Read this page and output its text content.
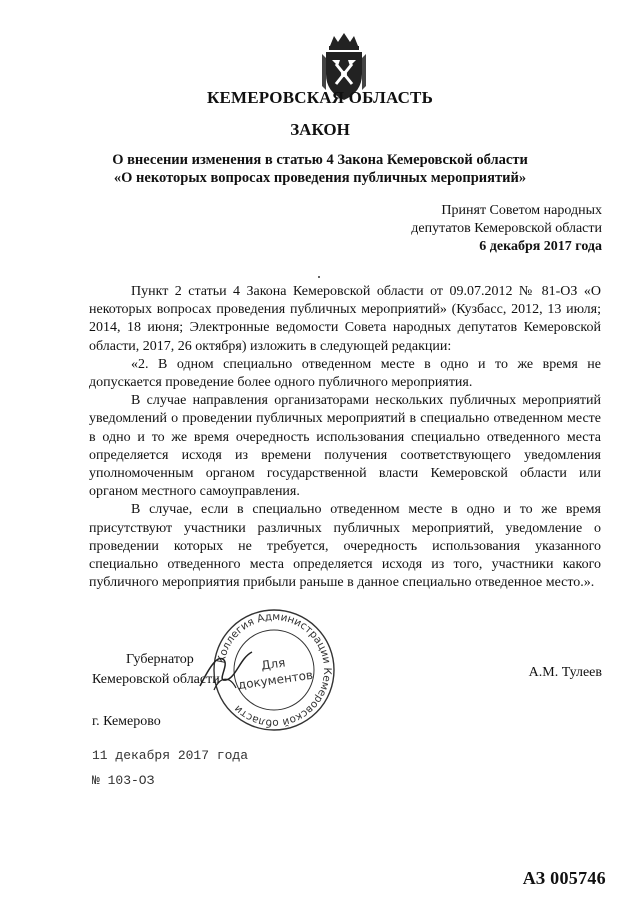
КЕМЕРОВСКАЯ ОБЛАСТЬ
ЗАКОН
О внесении изменения в статью 4 Закона Кемеровской области
«О некоторых вопросах проведения публичных мероприятий»
Принят Советом народных
депутатов Кемеровской области
6 декабря 2017 года

Пункт 2 статьи 4 Закона Кемеровской области от 09.07.2012 № 81-ОЗ «О некоторых вопросах проведения публичных мероприятий» (Кузбасс, 2012, 13 июля; 2014, 18 июня; Электронные ведомости Совета народных депутатов Кемеровской области, 2017, 26 октября) изложить в следующей редакции:

«2. В одном специально отведенном месте в одно и то же время не допускается проведение более одного публичного мероприятия.

В случае направления организаторами нескольких публичных мероприятий уведомлений о проведении публичных мероприятий в специально отведенном месте в одно и то же время очередность использования специально отведенного места определяется исходя из времени получения соответствующего уведомления уполномоченным органом государственной власти Кемеровской области или органом местного самоуправления.

В случае, если в специально отведенном месте в одно и то же время присутствуют участники различных публичных мероприятий, уведомление о проведении которых не требуется, очередность использования указанного специально отведенного места определяется исходя из того, участники какого публичного мероприятия прибыли раньше в данное специально отведенное место.».

Губернатор
Кемеровской области
Коллегия Администрации Кемеровской области
Для
документов	А.М. Тулеев
г. Кемерово
11 декабря 2017 года
№ 103-ОЗ
АЗ 005746
